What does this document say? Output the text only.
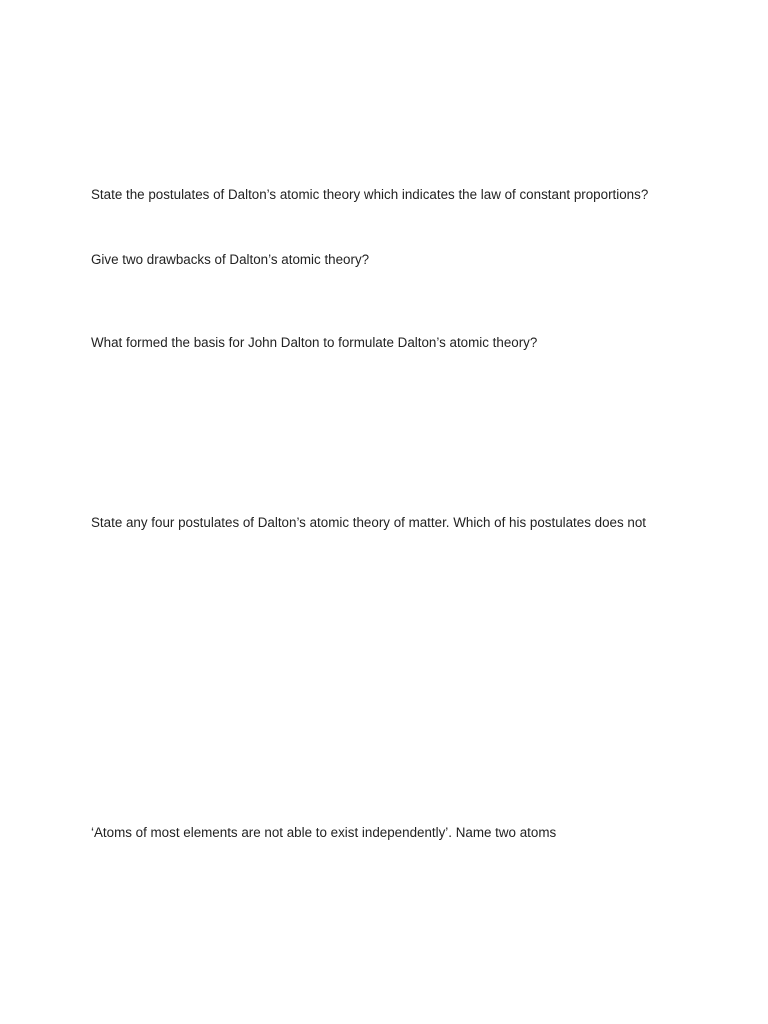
State the postulates of Dalton’s atomic theory which indicates the law of constant proportions?

Give two drawbacks of Dalton’s atomic theory?

What formed the basis for John Dalton to formulate Dalton’s atomic theory?

State any four postulates of Dalton’s atomic theory of matter. Which of his postulates does not

‘Atoms of most elements are not able to exist independently’. Name two atoms
